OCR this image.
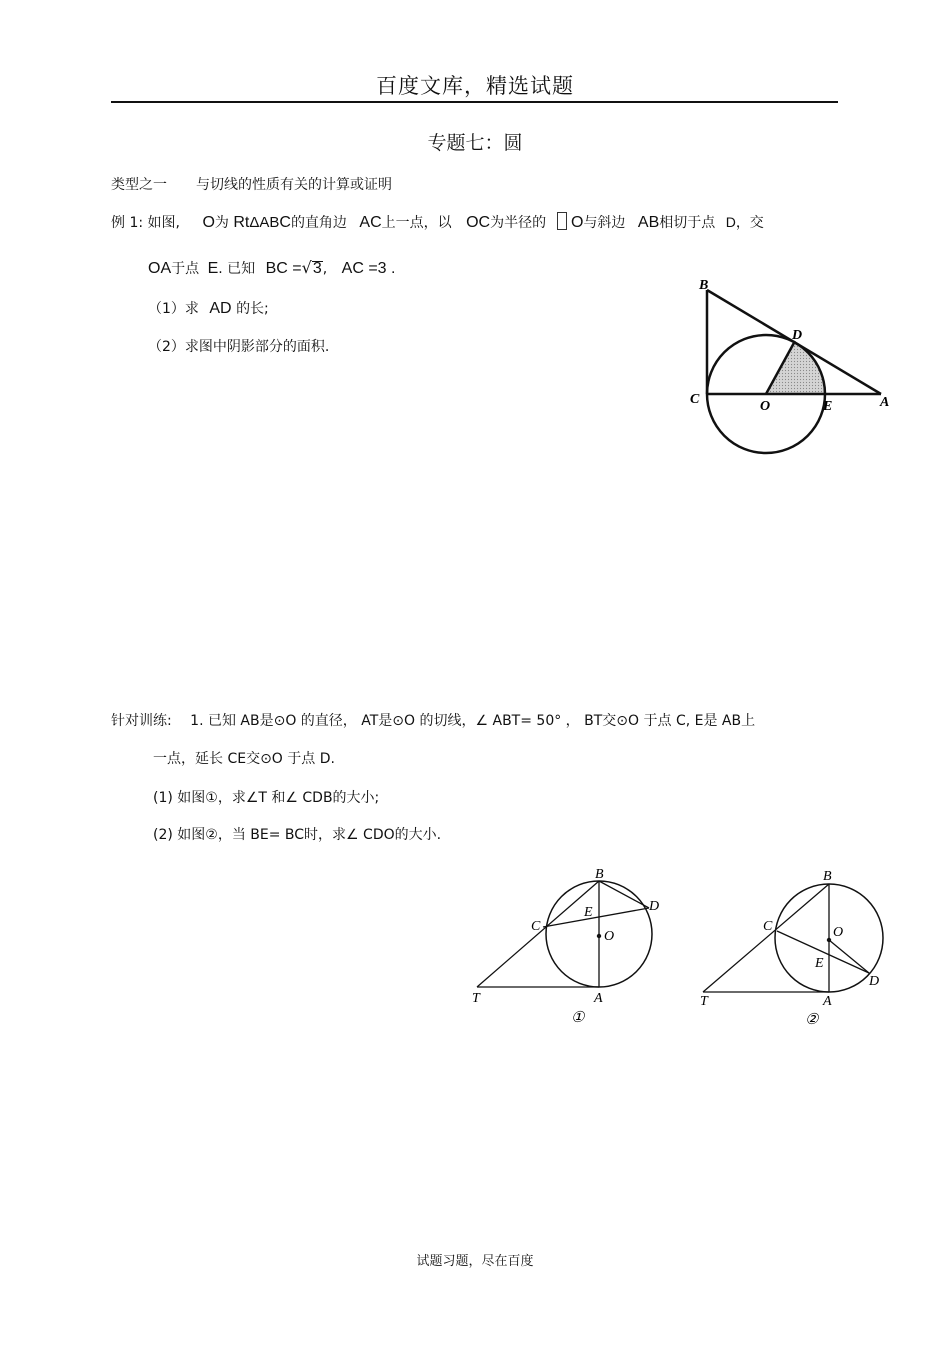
百度文库，精选试题
专题七：圆
类型之一 与切线的性质有关的计算或证明
例 1: 如图, O为 RtΔABC的直角边 AC上一点，以 OC为半径的 O与斜边 AB相切于点 D，交
OA于点 E. 已知 BC =√3, AC =3 .
（1）求 AD 的长;
（2）求图中阴影部分的面积.
B
D
C	O	E	A
针对训练: 1. 已知 AB是⊙O 的直径， AT是⊙O 的切线，∠ ABT= 50° ， BT交⊙O 于点 C, E是 AB上
一点，延长 CE交⊙O 于点 D.
(1) 如图①，求∠T 和∠ CDB的大小;
(2) 如图②，当 BE= BC时，求∠ CDO的大小.
B
D
C
E
O
T	A
①
B
C	O
E
D
T	A
②
试题习题，尽在百度
